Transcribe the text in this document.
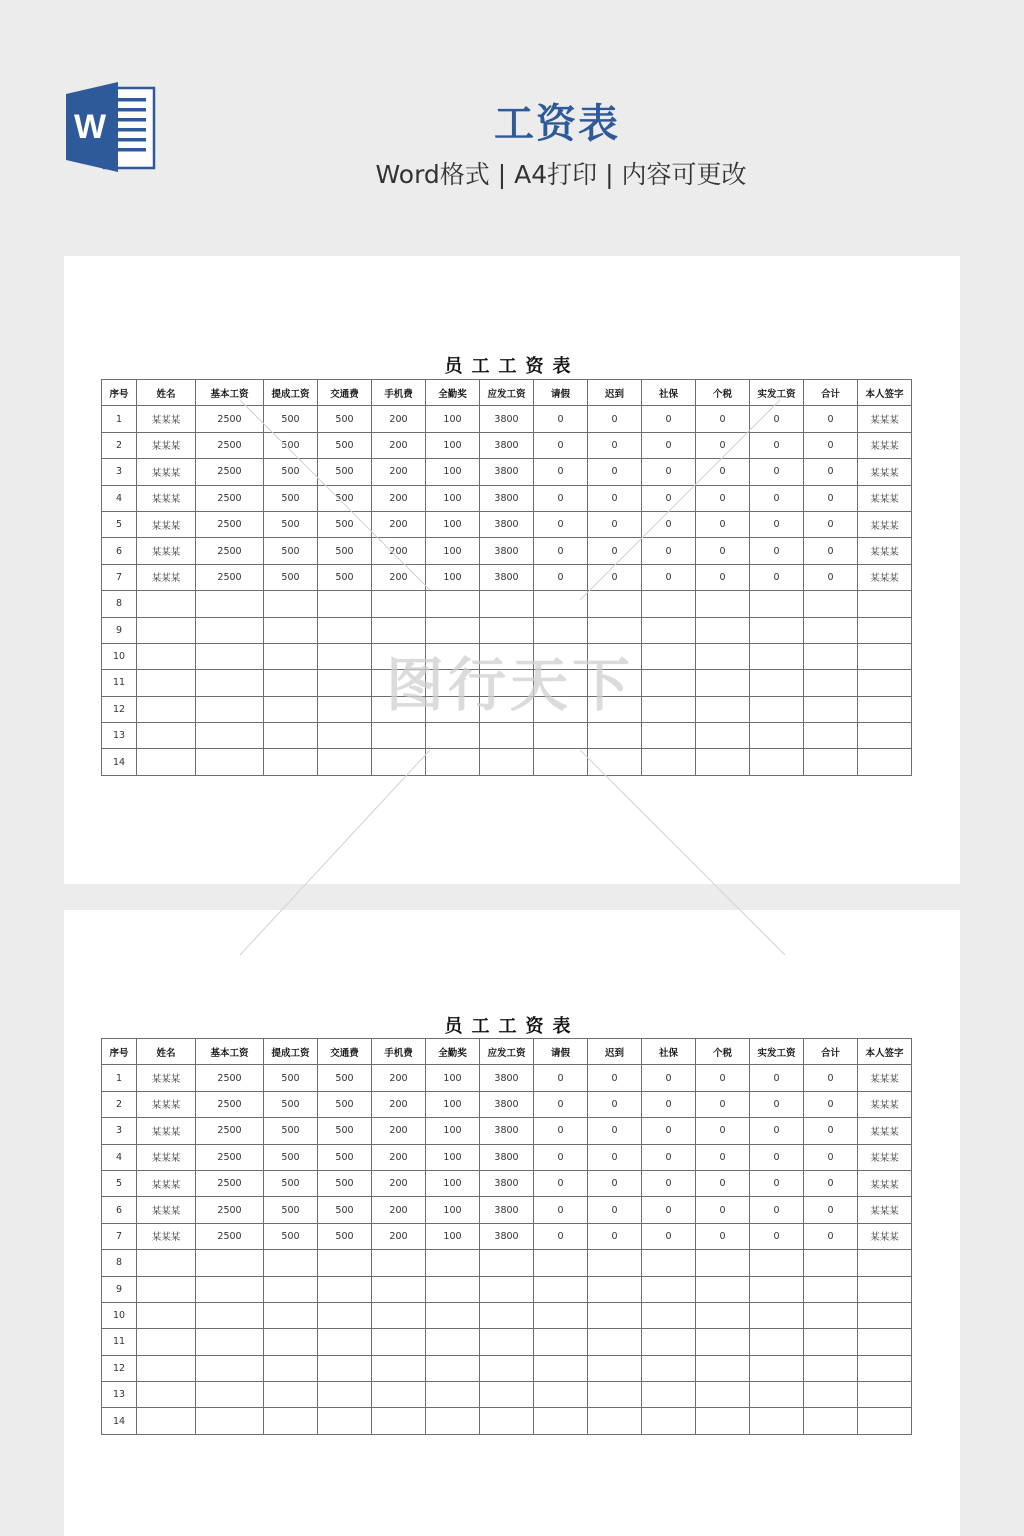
W	工资表
Word格式 | A4打印 | 内容可更改
员工工资表
序号	姓名	基本工资	提成工资	交通费	手机费	全勤奖	应发工资	请假	迟到	社保	个税	实发工资	合计	本人签字
1	某某某	2500	500	500	200	100	3800	0	0	0	0	0	0	某某某
2	某某某	2500	500	500	200	100	3800	0	0	0	0	0	0	某某某
3	某某某	2500	500	500	200	100	3800	0	0	0	0	0	0	某某某
4	某某某	2500	500	500	200	100	3800	0	0	0	0	0	0	某某某
5	某某某	2500	500	500	200	100	3800	0	0	0	0	0	0	某某某
6	某某某	2500	500	500	200	100	3800	0	0	0	0	0	0	某某某
7	某某某	2500	500	500	200	100	3800	0	0	0	0	0	0	某某某
8														
9														
10														
11														
12														
13														
14														
员工工资表
序号	姓名	基本工资	提成工资	交通费	手机费	全勤奖	应发工资	请假	迟到	社保	个税	实发工资	合计	本人签字
1	某某某	2500	500	500	200	100	3800	0	0	0	0	0	0	某某某
2	某某某	2500	500	500	200	100	3800	0	0	0	0	0	0	某某某
3	某某某	2500	500	500	200	100	3800	0	0	0	0	0	0	某某某
4	某某某	2500	500	500	200	100	3800	0	0	0	0	0	0	某某某
5	某某某	2500	500	500	200	100	3800	0	0	0	0	0	0	某某某
6	某某某	2500	500	500	200	100	3800	0	0	0	0	0	0	某某某
7	某某某	2500	500	500	200	100	3800	0	0	0	0	0	0	某某某
8														
9														
10														
11														
12														
13														
14														
图行天下
